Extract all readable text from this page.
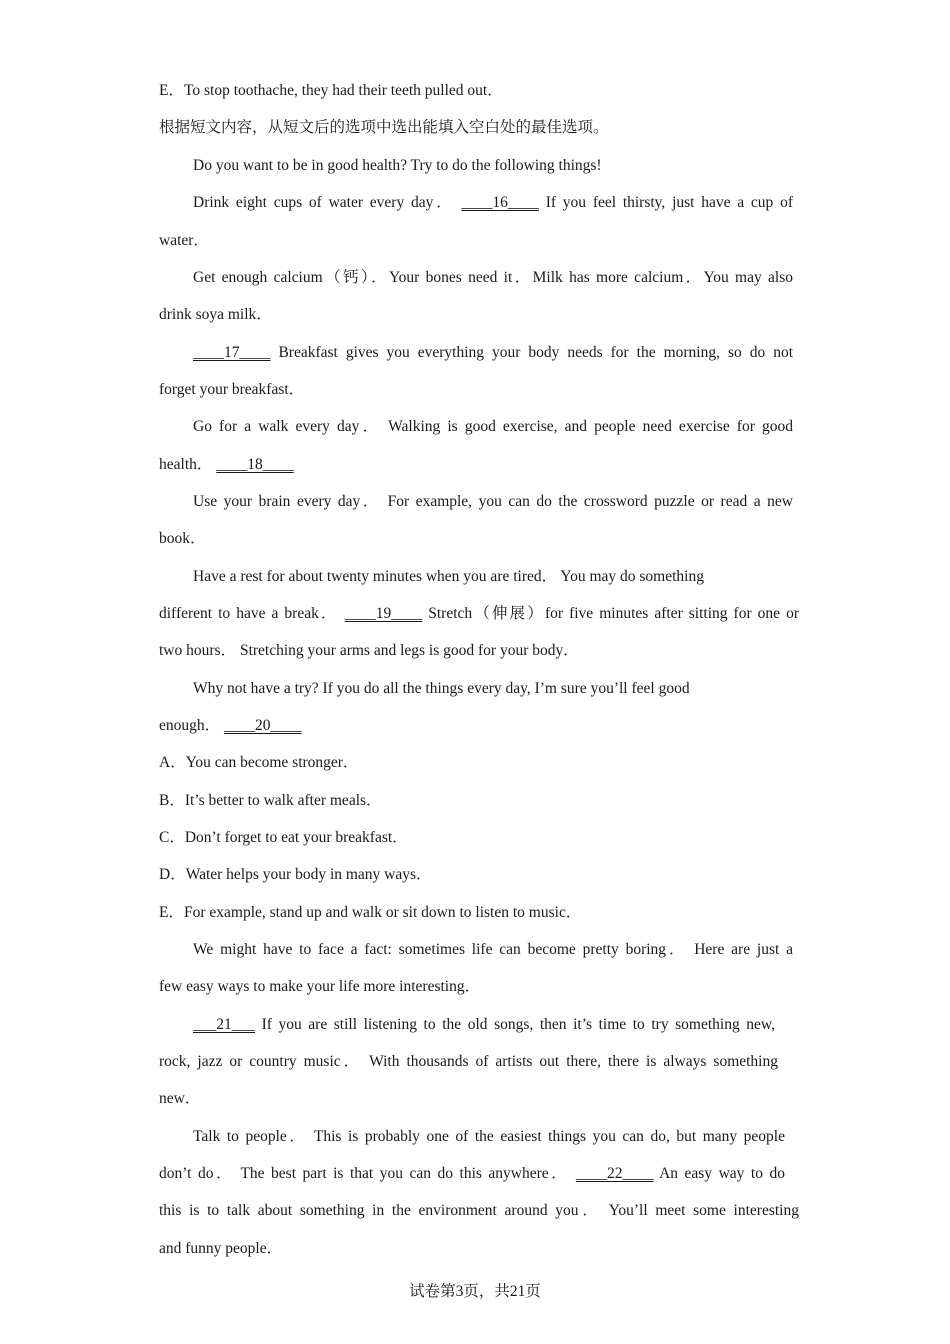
E．To stop toothache, they had their teeth pulled out．
根据短文内容，从短文后的选项中选出能填入空白处的最佳选项。
Do you want to be in good health? Try to do the following things!
Drink eight cups of water every day． ____16____ If you feel thirsty, just have a cup of
water．
Get enough calcium（钙）．Your bones need it．Milk has more calcium．You may also
drink soya milk．
____17____ Breakfast gives you everything your body needs for the morning, so do not
forget your breakfast．
Go for a walk every day． Walking is good exercise, and people need exercise for good
health． ____18____
Use your brain every day． For example, you can do the crossword puzzle or read a new
book．
Have a rest for about twenty minutes when you are tired． You may do something
different to have a break． ____19____ Stretch（伸展）for five minutes after sitting for one or
two hours． Stretching your arms and legs is good for your body．
Why not have a try? If you do all the things every day, I’m sure you’ll feel good
enough． ____20____
A．You can become stronger．
B．It’s better to walk after meals．
C．Don’t forget to eat your breakfast．
D．Water helps your body in many ways．
E．For example, stand up and walk or sit down to listen to music．
We might have to face a fact: sometimes life can become pretty boring． Here are just a
few easy ways to make your life more interesting．
___21___ If you are still listening to the old songs, then it’s time to try something new,
rock, jazz or country music． With thousands of artists out there, there is always something
new．
Talk to people． This is probably one of the easiest things you can do, but many people
don’t do． The best part is that you can do this anywhere． ____22____ An easy way to do
this is to talk about something in the environment around you． You’ll meet some interesting
and funny people．
试卷第3页，共21页
